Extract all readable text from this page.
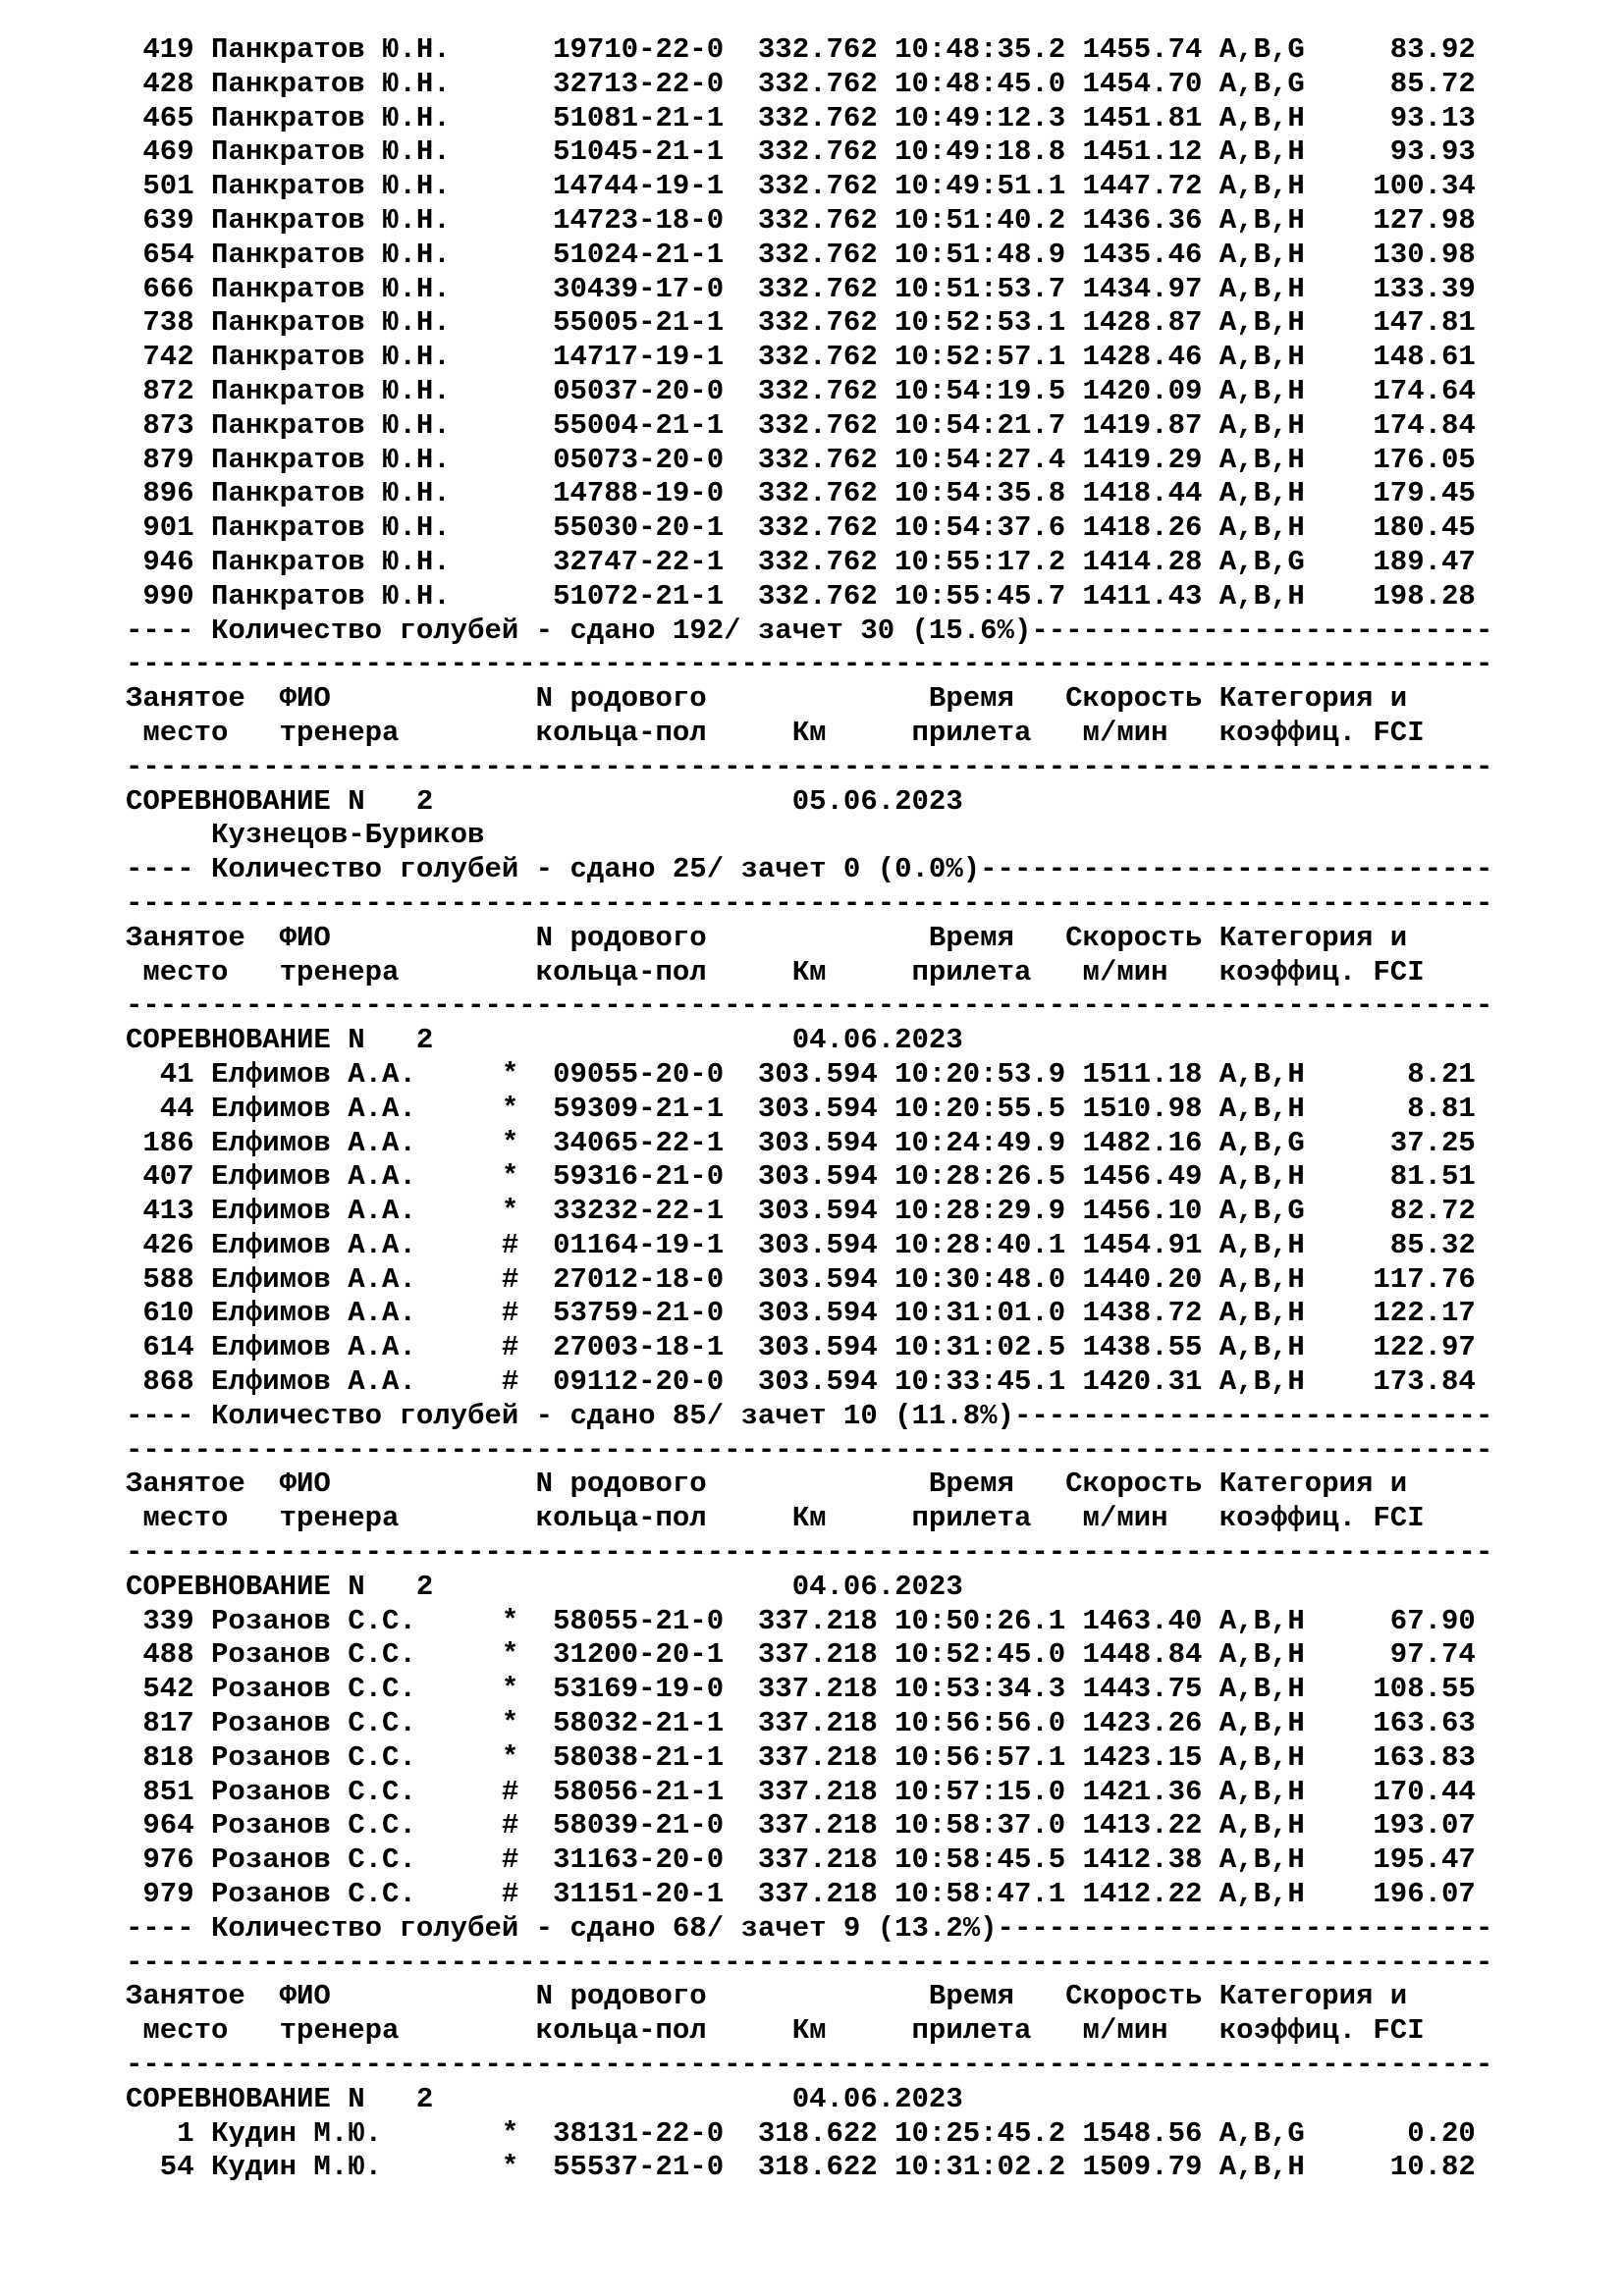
419 Панкратов Ю.Н.      19710-22-0  332.762 10:48:35.2 1455.74 A,B,G     83.92
428 Панкратов Ю.Н.      32713-22-0  332.762 10:48:45.0 1454.70 A,B,G     85.72
465 Панкратов Ю.Н.      51081-21-1  332.762 10:49:12.3 1451.81 A,B,H     93.13
469 Панкратов Ю.Н.      51045-21-1  332.762 10:49:18.8 1451.12 A,B,H     93.93
501 Панкратов Ю.Н.      14744-19-1  332.762 10:49:51.1 1447.72 A,B,H    100.34
639 Панкратов Ю.Н.      14723-18-0  332.762 10:51:40.2 1436.36 A,B,H    127.98
654 Панкратов Ю.Н.      51024-21-1  332.762 10:51:48.9 1435.46 A,B,H    130.98
666 Панкратов Ю.Н.      30439-17-0  332.762 10:51:53.7 1434.97 A,B,H    133.39
738 Панкратов Ю.Н.      55005-21-1  332.762 10:52:53.1 1428.87 A,B,H    147.81
742 Панкратов Ю.Н.      14717-19-1  332.762 10:52:57.1 1428.46 A,B,H    148.61
872 Панкратов Ю.Н.      05037-20-0  332.762 10:54:19.5 1420.09 A,B,H    174.64
873 Панкратов Ю.Н.      55004-21-1  332.762 10:54:21.7 1419.87 A,B,H    174.84
879 Панкратов Ю.Н.      05073-20-0  332.762 10:54:27.4 1419.29 A,B,H    176.05
896 Панкратов Ю.Н.      14788-19-0  332.762 10:54:35.8 1418.44 A,B,H    179.45
901 Панкратов Ю.Н.      55030-20-1  332.762 10:54:37.6 1418.26 A,B,H    180.45
946 Панкратов Ю.Н.      32747-22-1  332.762 10:55:17.2 1414.28 A,B,G    189.47
990 Панкратов Ю.Н.      51072-21-1  332.762 10:55:45.7 1411.43 A,B,H    198.28
---- Количество голубей - сдано 192/ зачет 30 (15.6%)---------------------------
--------------------------------------------------------------------------------
Занятое  ФИО            N родового             Время   Скорость Категория и
место   тренера        кольца-пол     Км     прилета   м/мин   коэффиц. FCI
--------------------------------------------------------------------------------
СОРЕВНОВАНИЕ N   2                     05.06.2023
Кузнецов-Буриков
---- Количество голубей - сдано 25/ зачет 0 (0.0%)------------------------------
--------------------------------------------------------------------------------
Занятое  ФИО            N родового             Время   Скорость Категория и
место   тренера        кольца-пол     Км     прилета   м/мин   коэффиц. FCI
--------------------------------------------------------------------------------
СОРЕВНОВАНИЕ N   2                     04.06.2023
41 Елфимов А.А.     *  09055-20-0  303.594 10:20:53.9 1511.18 A,B,H      8.21
44 Елфимов А.А.     *  59309-21-1  303.594 10:20:55.5 1510.98 A,B,H      8.81
186 Елфимов А.А.     *  34065-22-1  303.594 10:24:49.9 1482.16 A,B,G     37.25
407 Елфимов А.А.     *  59316-21-0  303.594 10:28:26.5 1456.49 A,B,H     81.51
413 Елфимов А.А.     *  33232-22-1  303.594 10:28:29.9 1456.10 A,B,G     82.72
426 Елфимов А.А.     #  01164-19-1  303.594 10:28:40.1 1454.91 A,B,H     85.32
588 Елфимов А.А.     #  27012-18-0  303.594 10:30:48.0 1440.20 A,B,H    117.76
610 Елфимов А.А.     #  53759-21-0  303.594 10:31:01.0 1438.72 A,B,H    122.17
614 Елфимов А.А.     #  27003-18-1  303.594 10:31:02.5 1438.55 A,B,H    122.97
868 Елфимов А.А.     #  09112-20-0  303.594 10:33:45.1 1420.31 A,B,H    173.84
---- Количество голубей - сдано 85/ зачет 10 (11.8%)----------------------------
--------------------------------------------------------------------------------
Занятое  ФИО            N родового             Время   Скорость Категория и
место   тренера        кольца-пол     Км     прилета   м/мин   коэффиц. FCI
--------------------------------------------------------------------------------
СОРЕВНОВАНИЕ N   2                     04.06.2023
339 Розанов С.С.     *  58055-21-0  337.218 10:50:26.1 1463.40 A,B,H     67.90
488 Розанов С.С.     *  31200-20-1  337.218 10:52:45.0 1448.84 A,B,H     97.74
542 Розанов С.С.     *  53169-19-0  337.218 10:53:34.3 1443.75 A,B,H    108.55
817 Розанов С.С.     *  58032-21-1  337.218 10:56:56.0 1423.26 A,B,H    163.63
818 Розанов С.С.     *  58038-21-1  337.218 10:56:57.1 1423.15 A,B,H    163.83
851 Розанов С.С.     #  58056-21-1  337.218 10:57:15.0 1421.36 A,B,H    170.44
964 Розанов С.С.     #  58039-21-0  337.218 10:58:37.0 1413.22 A,B,H    193.07
976 Розанов С.С.     #  31163-20-0  337.218 10:58:45.5 1412.38 A,B,H    195.47
979 Розанов С.С.     #  31151-20-1  337.218 10:58:47.1 1412.22 A,B,H    196.07
---- Количество голубей - сдано 68/ зачет 9 (13.2%)-----------------------------
--------------------------------------------------------------------------------
Занятое  ФИО            N родового             Время   Скорость Категория и
место   тренера        кольца-пол     Км     прилета   м/мин   коэффиц. FCI
--------------------------------------------------------------------------------
СОРЕВНОВАНИЕ N   2                     04.06.2023
1 Кудин М.Ю.       *  38131-22-0  318.622 10:25:45.2 1548.56 A,B,G      0.20
54 Кудин М.Ю.       *  55537-21-0  318.622 10:31:02.2 1509.79 A,B,H     10.82
